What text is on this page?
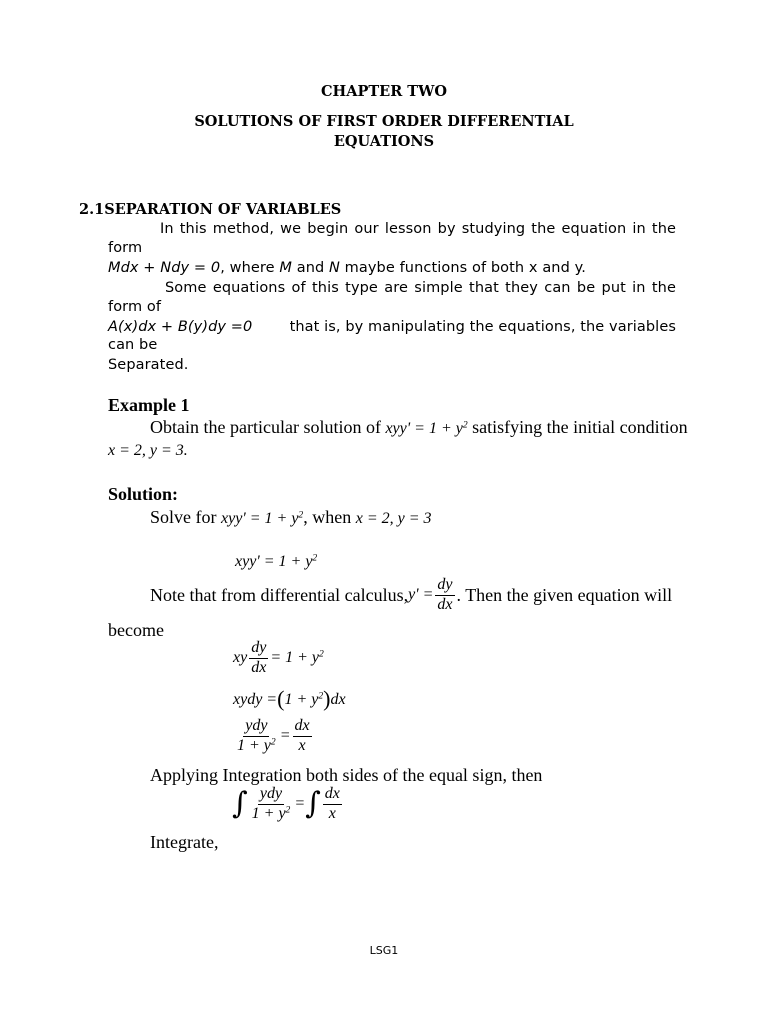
CHAPTER TWO
SOLUTIONS OF FIRST ORDER DIFFERENTIAL
EQUATIONS
2.1SEPARATION OF VARIABLES
In this method, we begin our lesson by studying the equation in the
form
Mdx + Ndy = 0, where M and N maybe functions of both x and y.
Some equations of this type are simple that they can be put in the
form of
A(x)dx + B(y)dy =0	that is, by manipulating the equations, the variables
can be
Separated.
Example 1
Obtain the particular solution of $xyy' = 1 + y^2$ satisfying the initial condition
x = 2, y = 3.
Solution:
Solve for $xyy' = 1 + y^2$, when x = 2, y = 3
$xyy' = 1 + y^2$
Note that from differential calculus, $y' = \frac{dy}{dx}$ . Then the given equation will
become
xy $\frac{dy}{dx} = 1 + y^2$
xydy $=(1 + y^2)dx$
$\frac{\text{ydy}}{1 + y^2} = \frac{dx}{x}$
Applying Integration both sides of the equal sign, then
∫ $\frac{\text{ydy}}{1 + y^2}$ = ∫ $\frac{dx}{x}$
Integrate,
LSG1
